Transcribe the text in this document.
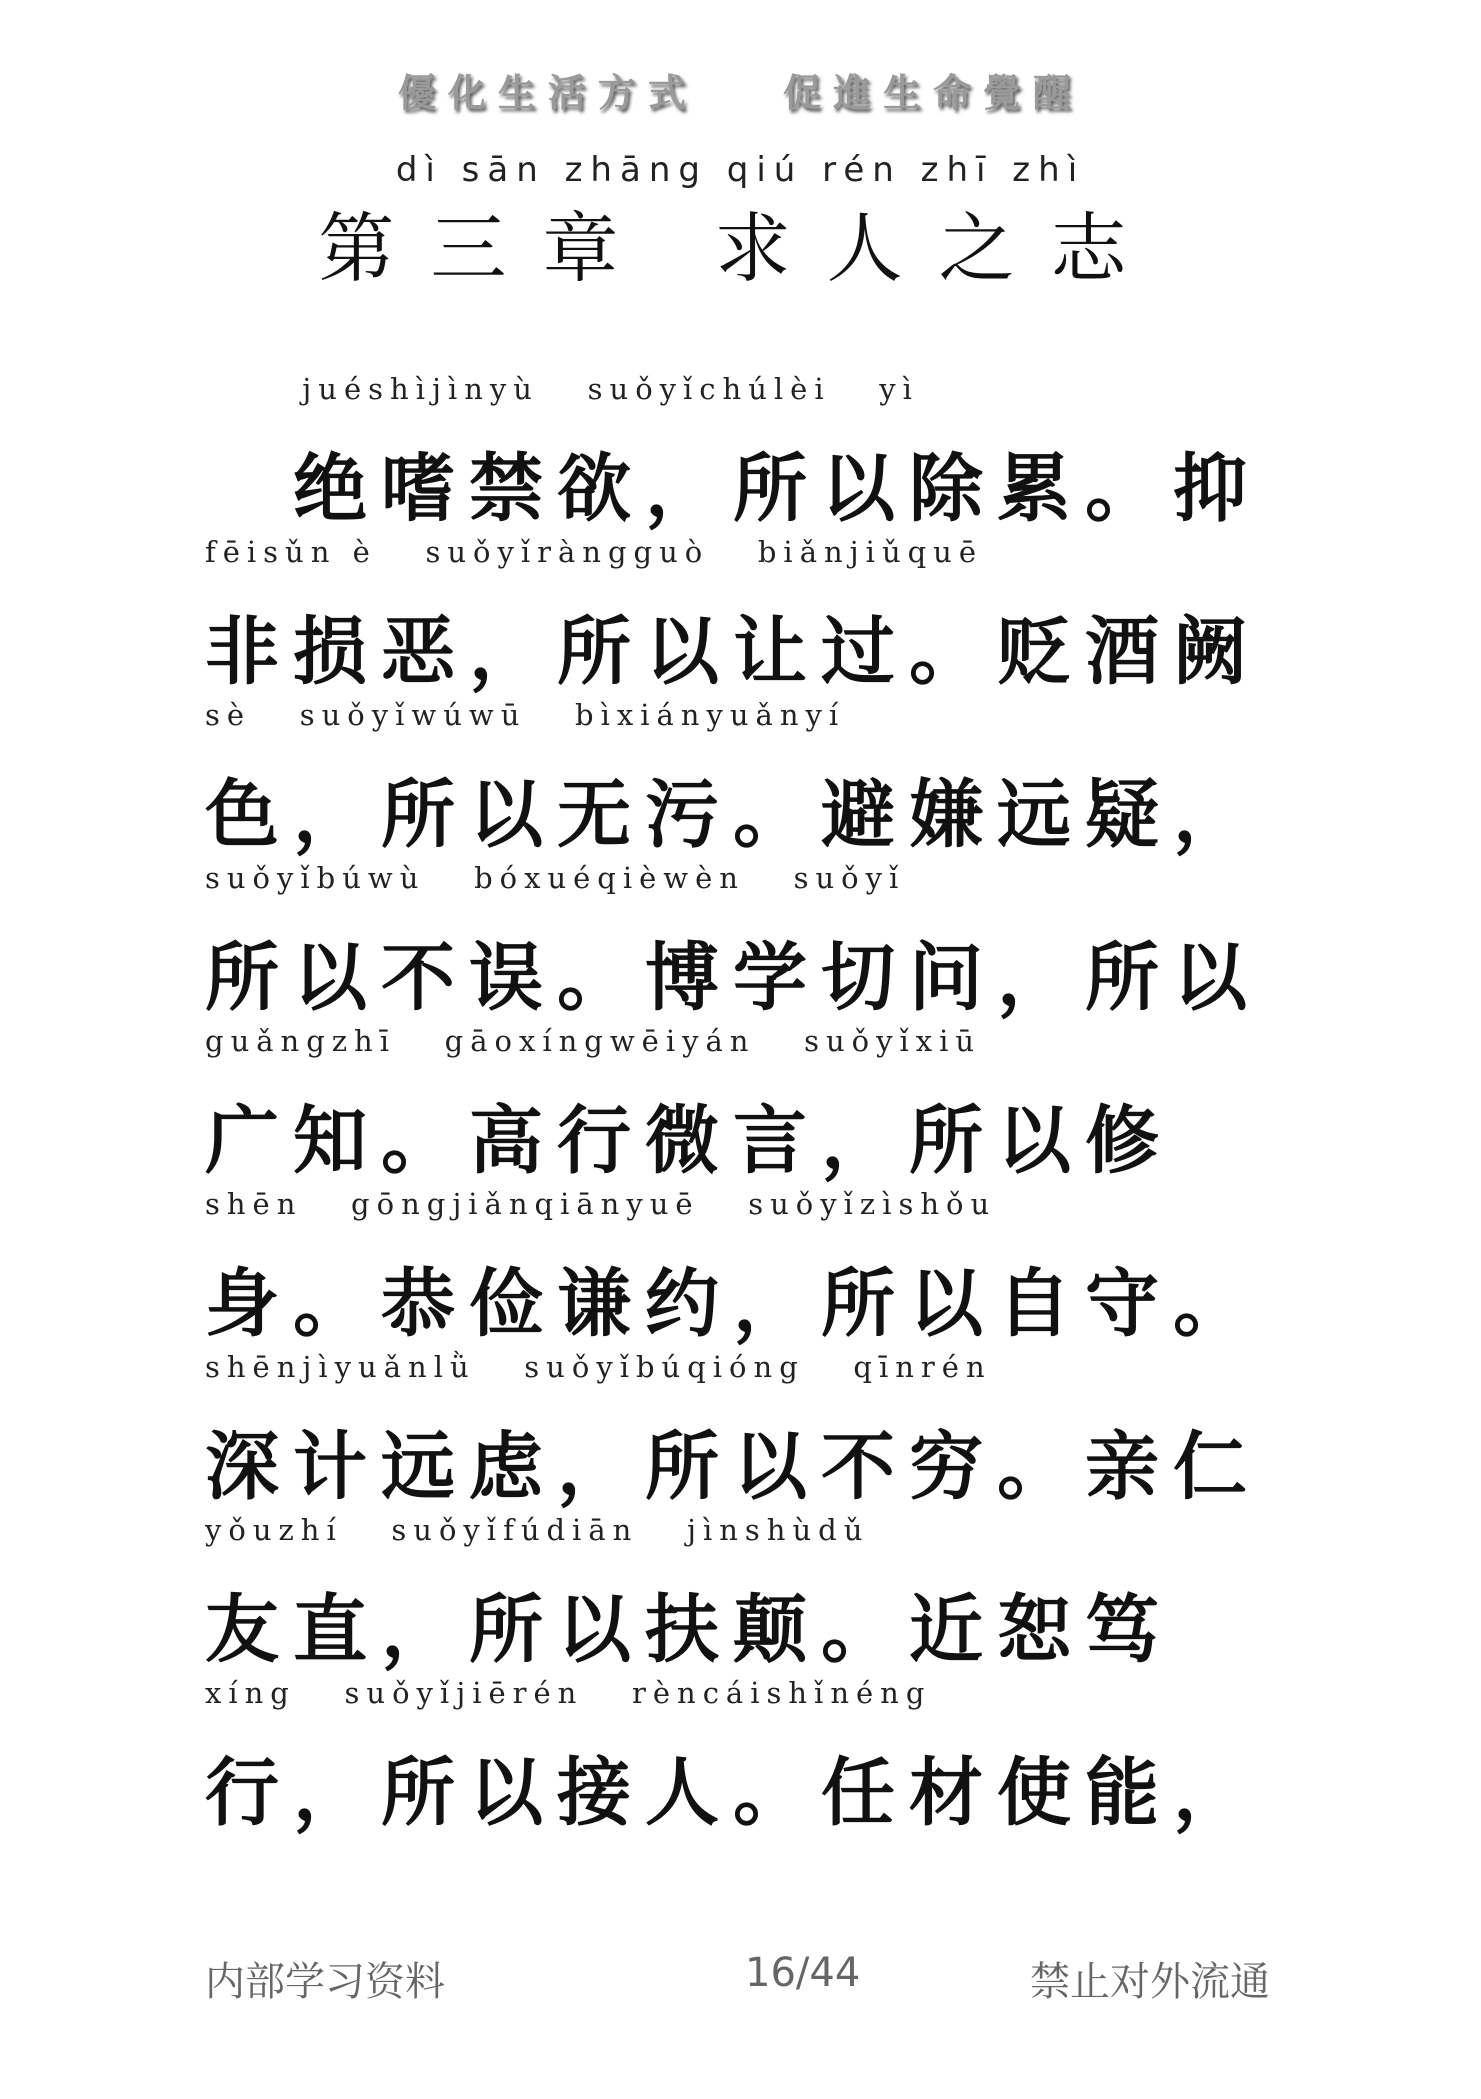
優化生活方式 促進生命覺醒
dì sān zhāng qiú rén zhī zhì
第三章 求人之志
juéshìjìnyù   suǒyǐchúlèi   yì
　绝嗜禁欲，所以除累。抑
fēisǔn è   suǒyǐràngguò   biǎnjiǔquē
非损恶，所以让过。贬酒阙
sè   suǒyǐwúwū   bìxiányuǎnyí
色，所以无污。避嫌远疑，
suǒyǐbúwù   bóxuéqièwèn   suǒyǐ
所以不误。博学切问，所以
guǎngzhī   gāoxíngwēiyán   suǒyǐxiū
广知。高行微言，所以修
shēn   gōngjiǎnqiānyuē   suǒyǐzìshǒu
身。恭俭谦约，所以自守。
shēnjìyuǎnlǜ   suǒyǐbúqióng   qīnrén
深计远虑，所以不穷。亲仁
yǒuzhí   suǒyǐfúdiān   jìnshùdǔ
友直，所以扶颠。近恕笃
xíng   suǒyǐjiērén   rèncáishǐnéng
行，所以接人。任材使能，
内部学习资料	16/44	禁止对外流通
